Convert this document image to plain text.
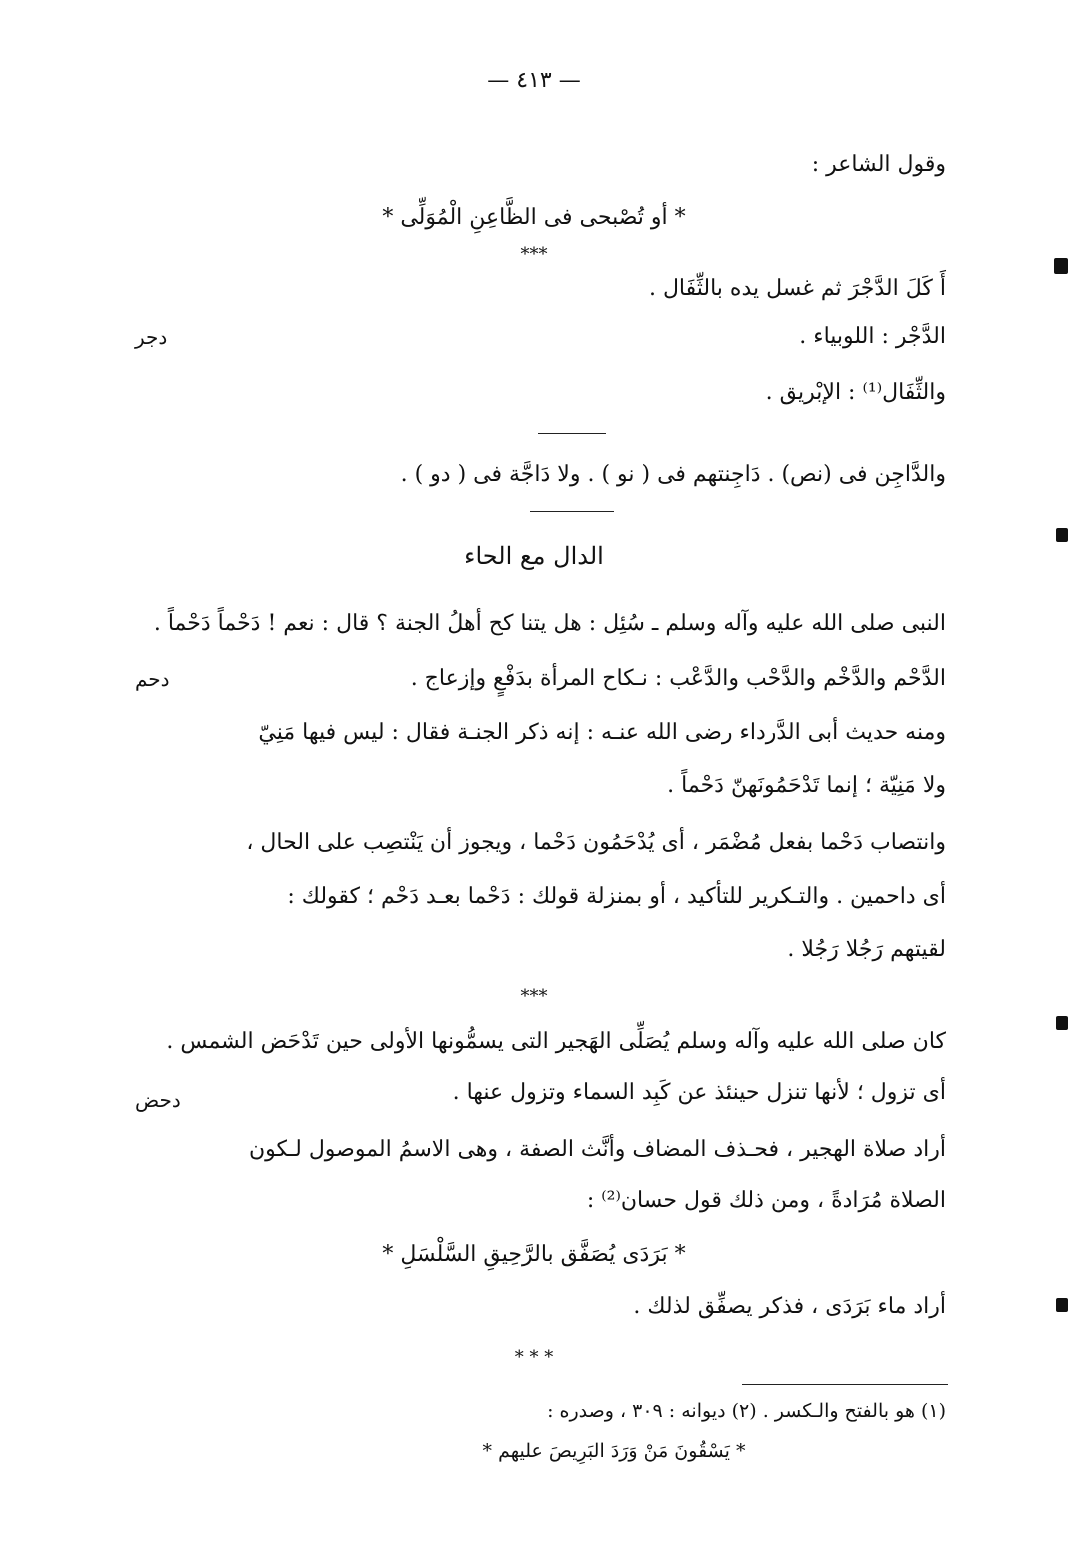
— ٤١٣ —
وقول الشاعر :
* أو تُصْبحى فى الظَّاعِنِ الْمُوَلِّى *
***
أَ كَلَ الدَّجْرَ ثم غسل يده بالثِّفَال .
الدَّجْر : اللوبياء .
دجر
والثِّفَال⁽¹⁾ : الإبْريق .
والدَّاجِن فى (نص) . دَاجِنتهم فى ( نو ) . ولا دَاجَّة فى ( دو ) .
الدال مع الحاء
النبى صلى الله عليه وآله وسلم ـ سُئِل : هل يتنا كح أهلُ الجنة ؟ قال : نعم ! دَحْماً دَحْماً .
الدَّحْم والدَّخْم والدَّحْب والدَّعْب : نـكاح المرأة بدَفْعٍ وإزعاج .
دحم
ومنه حديث أبى الدَّرداء رضى الله عنـه : إنه ذكر الجنـة فقال : ليس فيها مَنِيّ
ولا مَنِيّة ؛ إنما تَدْحَمُونَهنّ دَحْماً .
وانتصاب دَحْما بفعل مُضْمَر ، أى يُدْحَمُون دَحْما ، ويجوز أن يَنْتصِب على الحال ،
أى داحمين . والتـكرير للتأكيد ، أو بمنزلة قولك : دَحْما بعـد دَحْم ؛ كقولك :
لقيتهم رَجُلا رَجُلا .
***
كان صلى الله عليه وآله وسلم يُصَلِّى الهَجير التى يسمُّونها الأولى حين تَدْحَض الشمس .
أى تزول ؛ لأنها تنزل حينئذ عن كَبِد السماء وتزول عنها .
دحض
أراد صلاة الهجير ، فحـذف المضاف وأنَّث الصفة ، وهى الاسمُ الموصول لـكون
الصلاة مُرَادةً ، ومن ذلك قول حسان⁽²⁾ :
* بَرَدَى يُصَفَّق بالرَّحِيقِ السَّلْسَلِ *
أراد ماء بَرَدَى ، فذكر يصفِّق لذلك .
* * *
(١) هو بالفتح والـكسر . (٢) ديوانه : ٣٠٩ ، وصدره :
* يَسْقُونَ مَنْ وَرَدَ البَرِيصَ عليهم *
